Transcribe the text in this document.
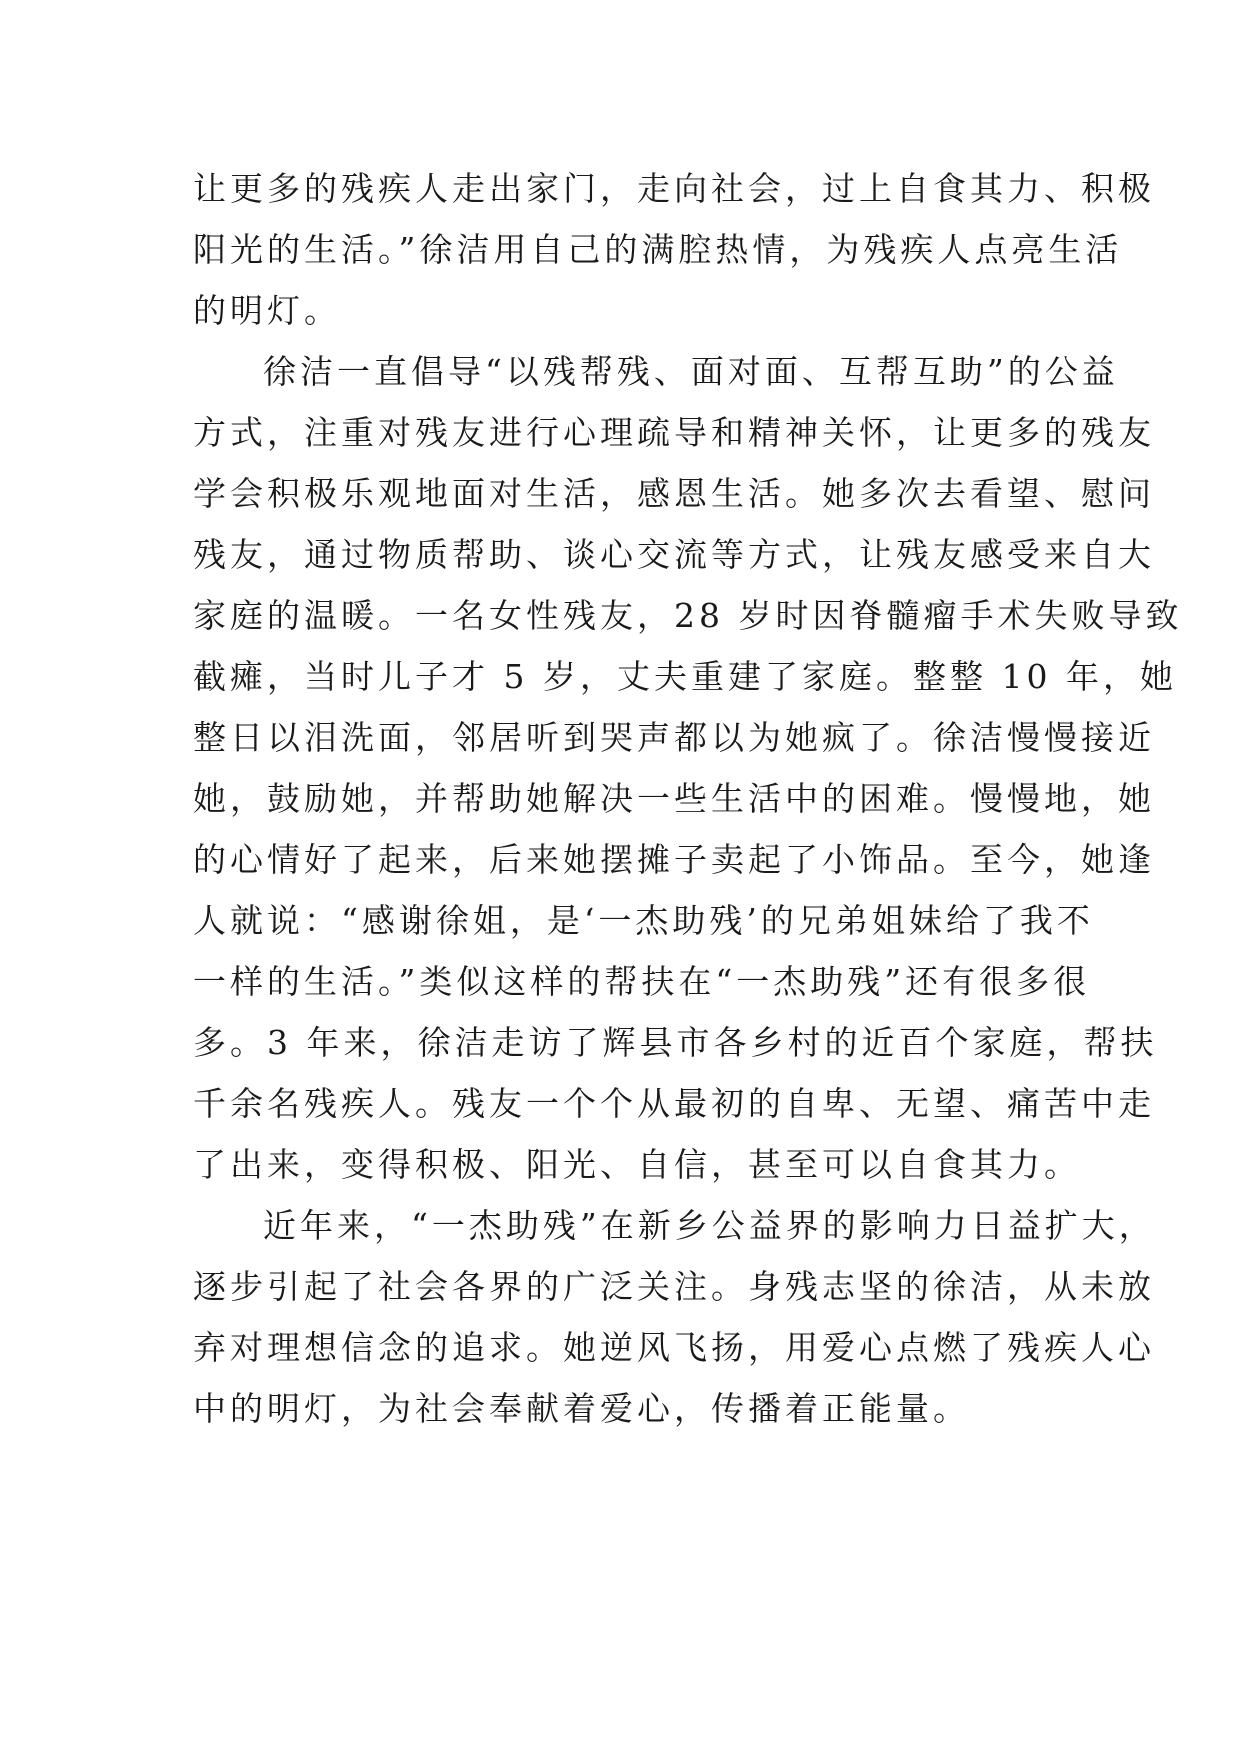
让更多的残疾人走出家门，走向社会，过上自食其力、积极
阳光的生活。”徐洁用自己的满腔热情，为残疾人点亮生活
的明灯。
徐洁一直倡导“以残帮残、面对面、互帮互助”的公益
方式，注重对残友进行心理疏导和精神关怀，让更多的残友
学会积极乐观地面对生活，感恩生活。她多次去看望、慰问
残友，通过物质帮助、谈心交流等方式，让残友感受来自大
家庭的温暖。一名女性残友，28 岁时因脊髓瘤手术失败导致
截瘫，当时儿子才 5 岁，丈夫重建了家庭。整整 10 年，她
整日以泪洗面，邻居听到哭声都以为她疯了。徐洁慢慢接近
她，鼓励她，并帮助她解决一些生活中的困难。慢慢地，她
的心情好了起来，后来她摆摊子卖起了小饰品。至今，她逢
人就说：“感谢徐姐，是‘一杰助残’的兄弟姐妹给了我不
一样的生活。”类似这样的帮扶在“一杰助残”还有很多很
多。3 年来，徐洁走访了辉县市各乡村的近百个家庭，帮扶
千余名残疾人。残友一个个从最初的自卑、无望、痛苦中走
了出来，变得积极、阳光、自信，甚至可以自食其力。
近年来，“一杰助残”在新乡公益界的影响力日益扩大，
逐步引起了社会各界的广泛关注。身残志坚的徐洁，从未放
弃对理想信念的追求。她逆风飞扬，用爱心点燃了残疾人心
中的明灯，为社会奉献着爱心，传播着正能量。
